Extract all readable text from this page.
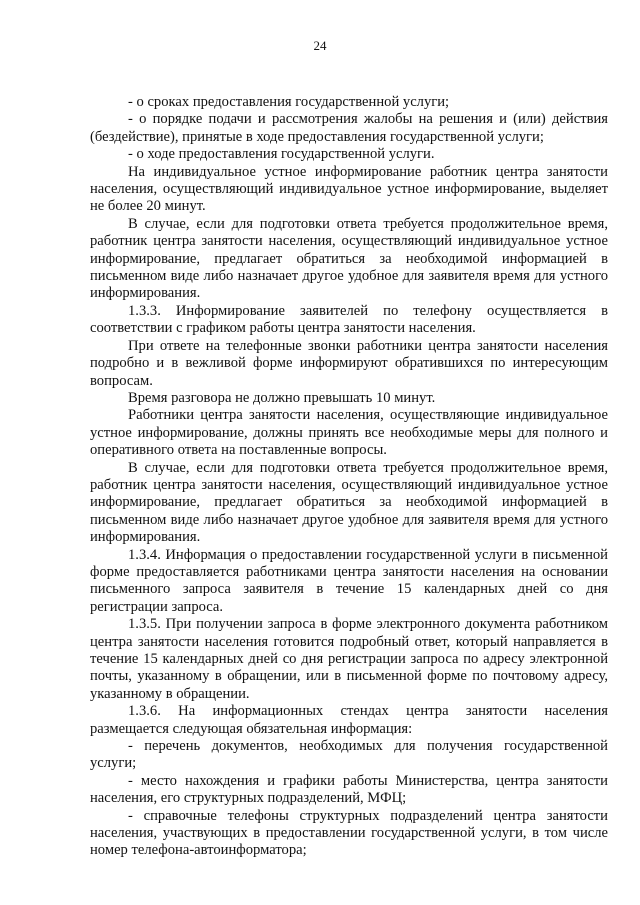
24

- о сроках предоставления государственной услуги;

- о порядке подачи и рассмотрения жалобы на решения и (или) действия (бездействие), принятые в ходе предоставления государственной услуги;

- о ходе предоставления государственной услуги.

На индивидуальное устное информирование работник центра занятости населения, осуществляющий индивидуальное устное информирование, выделяет не более 20 минут.

В случае, если для подготовки ответа требуется продолжительное время, работник центра занятости населения, осуществляющий индивидуальное устное информирование, предлагает обратиться за необходимой информацией в письменном виде либо назначает другое удобное для заявителя время для устного информирования.

1.3.3. Информирование заявителей по телефону осуществляется в соответствии с графиком работы центра занятости населения.

При ответе на телефонные звонки работники центра занятости населения подробно и в вежливой форме информируют обратившихся по интересующим вопросам.

Время разговора не должно превышать 10 минут.

Работники центра занятости населения, осуществляющие индивидуальное устное информирование, должны принять все необходимые меры для полного и оперативного ответа на поставленные вопросы.

В случае, если для подготовки ответа требуется продолжительное время, работник центра занятости населения, осуществляющий индивидуальное устное информирование, предлагает обратиться за необходимой информацией в письменном виде либо назначает другое удобное для заявителя время для устного информирования.

1.3.4. Информация о предоставлении государственной услуги в письменной форме предоставляется работниками центра занятости населения на основании письменного запроса заявителя в течение 15 календарных дней со дня регистрации запроса.

1.3.5. При получении запроса в форме электронного документа работником центра занятости населения готовится подробный ответ, который направляется в течение 15 календарных дней со дня регистрации запроса по адресу электронной почты, указанному в обращении, или в письменной форме по почтовому адресу, указанному в обращении.

1.3.6. На информационных стендах центра занятости населения размещается следующая обязательная информация:

- перечень документов, необходимых для получения государственной услуги;

- место нахождения и графики работы Министерства, центра занятости населения, его структурных подразделений, МФЦ;

- справочные телефоны структурных подразделений центра занятости населения, участвующих в предоставлении государственной услуги, в том числе номер телефона-автоинформатора;
